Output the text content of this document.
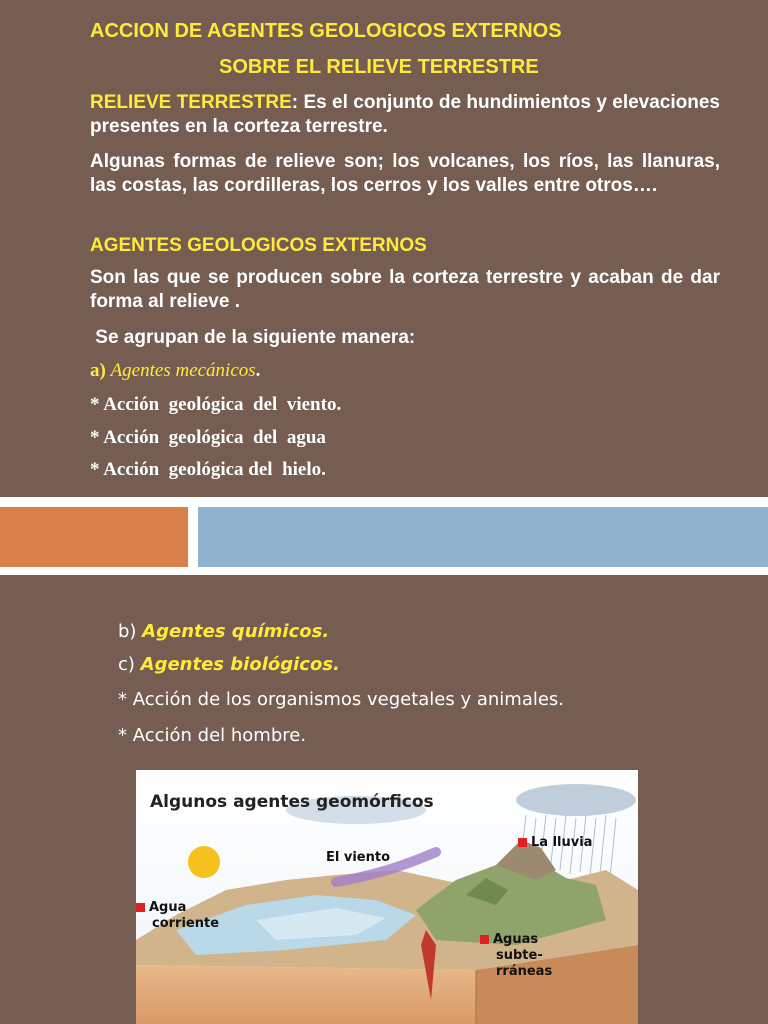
ACCION DE AGENTES GEOLOGICOS EXTERNOS
SOBRE EL RELIEVE TERRESTRE
RELIEVE TERRESTRE: Es el conjunto de hundimientos y elevaciones presentes en la corteza terrestre.
Algunas formas de relieve son; los volcanes, los ríos, las llanuras, las costas, las cordilleras, los cerros y los valles entre otros….
AGENTES GEOLOGICOS EXTERNOS
Son las que se producen sobre la corteza terrestre y acaban de dar forma al relieve .
Se agrupan de la siguiente manera:
a) Agentes mecánicos.
* Acción  geológica  del  viento.
* Acción  geológica  del  agua
* Acción  geológica del  hielo.
b) Agentes químicos.
c) Agentes biológicos.
* Acción de los organismos vegetales y animales.
* Acción del hombre.
Algunos agentes geomórficos
El viento
La lluvia
Agua
corriente
Aguas
subte-
rráneas
